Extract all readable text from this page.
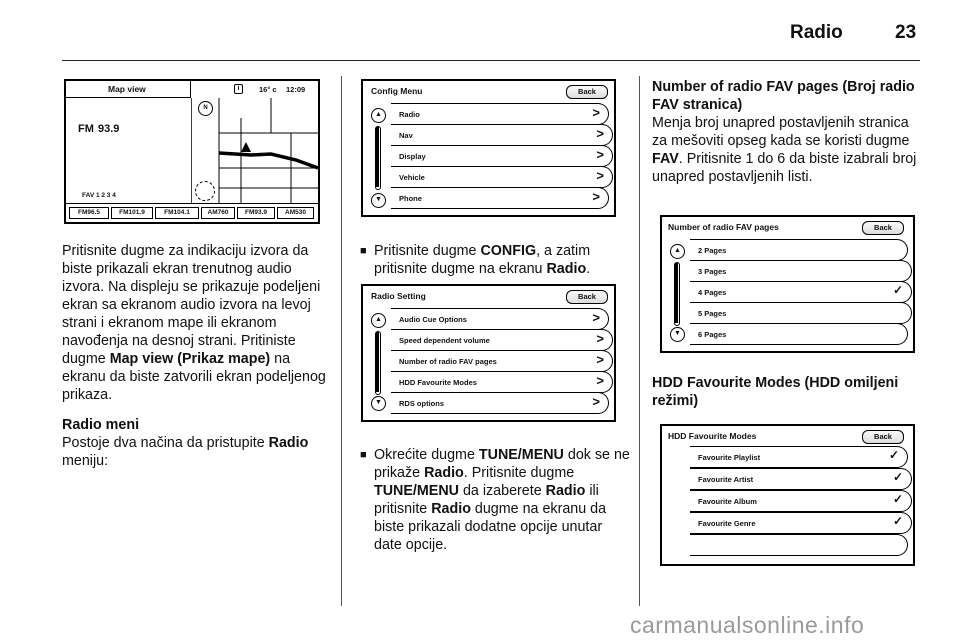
Radio	23
Map view	i	16° c 12:09
FM 93.9
FAV 1 2 3 4
N
FM96.5	FM101.9	FM104.1	AM760	FM93.9	AM530
Pritisnite dugme za indikaciju izvora da biste prikazali ekran trenutnog audio izvora. Na displeju se prikazuje podeljeni ekran sa ekranom audio izvora na levoj strani i ekranom mape ili ekranom navođenja na desnoj strani. Pritiniste dugme Map view (Prikaz mape) na ekranu da biste zatvorili ekran podeljenog prikaza.
Radio meni
Postoje dva načina da pristupite Radio meniju:
Config Menu	Back
▲
▼
Radio	>
Nav	>
Display	>
Vehicle	>
Phone	>
■ Pritisnite dugme CONFIG, a zatim pritisnite dugme na ekranu Radio.
Radio Setting	Back
▲
▼
Audio Cue Options	>
Speed dependent volume	>
Number of radio FAV pages	>
HDD Favourite Modes	>
RDS options	>
■ Okrećite dugme TUNE/MENU dok se ne prikaže Radio. Pritisnite dugme TUNE/MENU da izaberete Radio ili pritisnite Radio dugme na ekranu da biste prikazali dodatne opcije unutar date opcije.
Number of radio FAV pages (Broj radio FAV stranica)
Menja broj unapred postavljenih stranica za mešoviti opseg kada se koristi dugme FAV. Pritisnite 1 do 6 da biste izabrali broj unapred postavljenih listi.
Number of radio FAV pages	Back
▲
▼
2 Pages
3 Pages
4 Pages	✓
5 Pages
6 Pages
HDD Favourite Modes (HDD omiljeni režimi)
HDD Favourite Modes	Back
Favourite Playlist	✓
Favourite Artist	✓
Favourite Album	✓
Favourite Genre	✓
carmanualsonline.info
